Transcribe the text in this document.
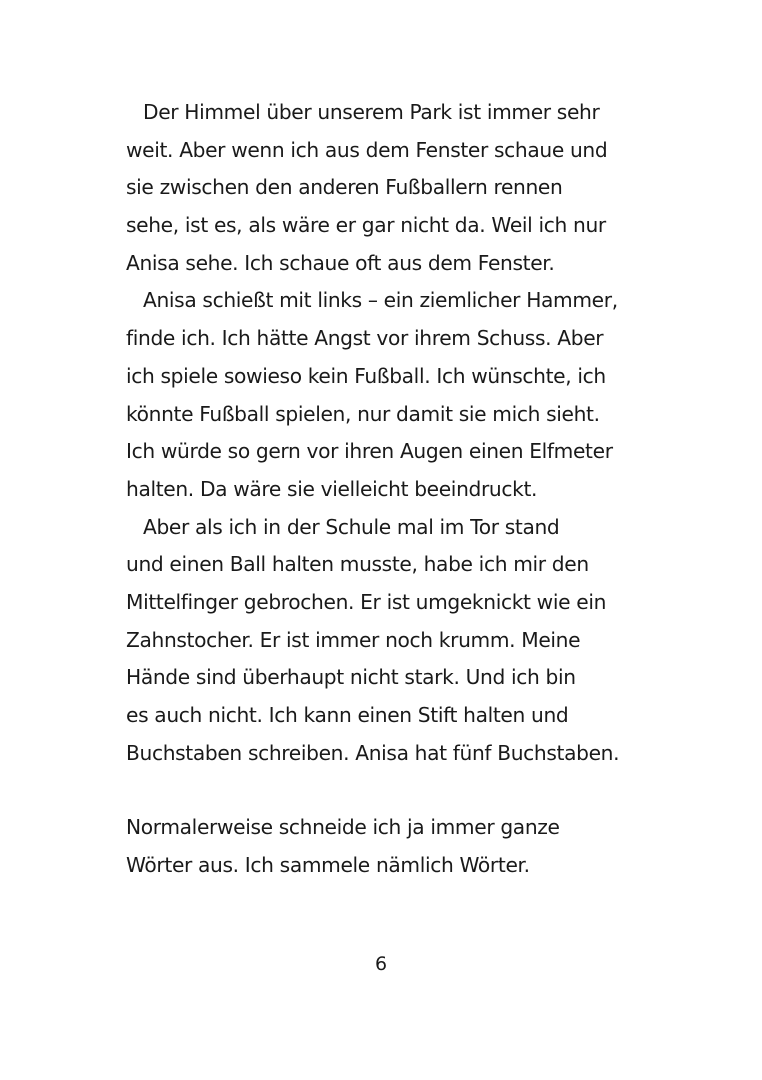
Der Himmel über unserem Park ist immer sehr
weit. Aber wenn ich aus dem Fenster schaue und
sie zwischen den anderen Fußballern rennen
sehe, ist es, als wäre er gar nicht da. Weil ich nur
Anisa sehe. Ich schaue oft aus dem Fenster.
Anisa schießt mit links – ein ziemlicher Hammer,
finde ich. Ich hätte Angst vor ihrem Schuss. Aber
ich spiele sowieso kein Fußball. Ich wünschte, ich
könnte Fußball spielen, nur damit sie mich sieht.
Ich würde so gern vor ihren Augen einen Elfmeter
halten. Da wäre sie vielleicht beeindruckt.
Aber als ich in der Schule mal im Tor stand
und einen Ball halten musste, habe ich mir den
Mittelfinger gebrochen. Er ist umgeknickt wie ein
Zahnstocher. Er ist immer noch krumm. Meine
Hände sind überhaupt nicht stark. Und ich bin
es auch nicht. Ich kann einen Stift halten und
Buchstaben schreiben. Anisa hat fünf Buchstaben.
Normalerweise schneide ich ja immer ganze
Wörter aus. Ich sammele nämlich Wörter.
6
